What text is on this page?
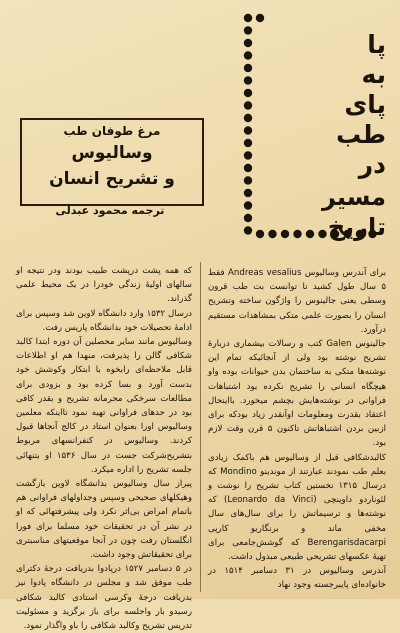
پا
به
پای
طب
در
مسیر تاریخ
مرغ طوفان طب
وسالیوس
و تشریح انسان
ترجمه محمود عبدلی

برای آندرس وسالیوس Andreas vesalius فقط ۵ سال طول کشید تا توانست بت طب قرون وسطی یعنی جالینوس را واژگون ساخته وتشریح انسان را بصورت علمی متکی بمشاهدات مستقیم درآورد.

جالینوس Galen کتب و رسالات بیشماری دربارهٔ تشریح نوشته بود ولی از آنجائیکه تمام این نوشته‌ها متکی به ساختمان بدن حیوانات بوده واو هیچگاه انسانی را تشریح نکرده بود اشتباهات فراوانی در نوشته‌هایش بچشم میخورد. بااینحال اعتقاد بقدرت ومعلومات اوآنقدر زیاد بودکه برای ازبین بردن اشتباهاتش تاکنون ۵ قرن وقت لازم بود.

کالبدشکافی قبل از وسالیوس هم باکمک زیادی بعلم طب نمودند عبارتند از موندینو Mondino که درسال ۱۳۱۵ نخستین کتاب تشریح را نوشت و لئوناردو داوینچی (Leonardo da Vinci) که نوشته‌ها و ترسیماتش را برای سال‌های سال مخفی ماند و برنگاریو کارپی Berengarisdacarpi که گوشش‌جامعی برای تهیهٔ عکسهای تشریحی طبیعی مبذول داشت.

آندرس وسالیوس در ۳۱ دسامبر ۱۵۱۴ در خانواده‌ای پایبرجسته وجود نهاد

که همه پشت درپشت طبیب بودند ودر نتیجه او سالهای اولیهٔ زندگی خودرا در یک محیط علمی گذراند.

درسال ۱۵۳۲ وارد دانشگاه لاوین شد وسپس برای ادامهٔ تحصیلات خود بدانشگاه پاریس رفت.

وسالیوس مانند سایر محصلین آن دوره ابتدا کالبد شکافی گالن را پذیرفت، منهدا هم او اطلاعات قابل ملاحظه‌ای رابخوه با ابتکار وکوشش خود بدست آورد و بسا کرده بود و بزودی برای مطالعات سرخکی محرمانه تشریح و بقدر کافی بود در حدهای فراوانی تهیه نمود تااینکه معلمین وسالیوس اورا بعنوان استاد در کالج آنجاها قبول کردند. وسالیوس در کنفرانسهای مربوط بتشریح‌شرکت جست در سال ۱۵۳۶ او بتنهائی جلسه تشریح را اداره میکرد.

پیراز سال وسالیوس بدانشگاه لاوین بازگشت وهیکلهای صحیحی وسپس وجداولهای فراوانی هم باتمام امراض بی‌اثر نکرد ولی پیشرفتهائی که او در نشر آن در تحقیقات خود مسلما برای فورا انگلستان رفت چون در آنجا موقعیتهای مناسبتری برای تحقیقاتش وجود داشت.

در ۵ دسامبر ۱۵۲۷ درپادوا بدریافت درجهٔ دکترای طب موفق شد و مجلس در دانشگاه پادوا نیز بدریافت درجهٔ وکرسی استادی کالبد شکافی رسیدو بار واجلسه برای باز برگزید و مسئولیت تدریس تشریح وکالبد شکافی را باو واگذار نمود.
